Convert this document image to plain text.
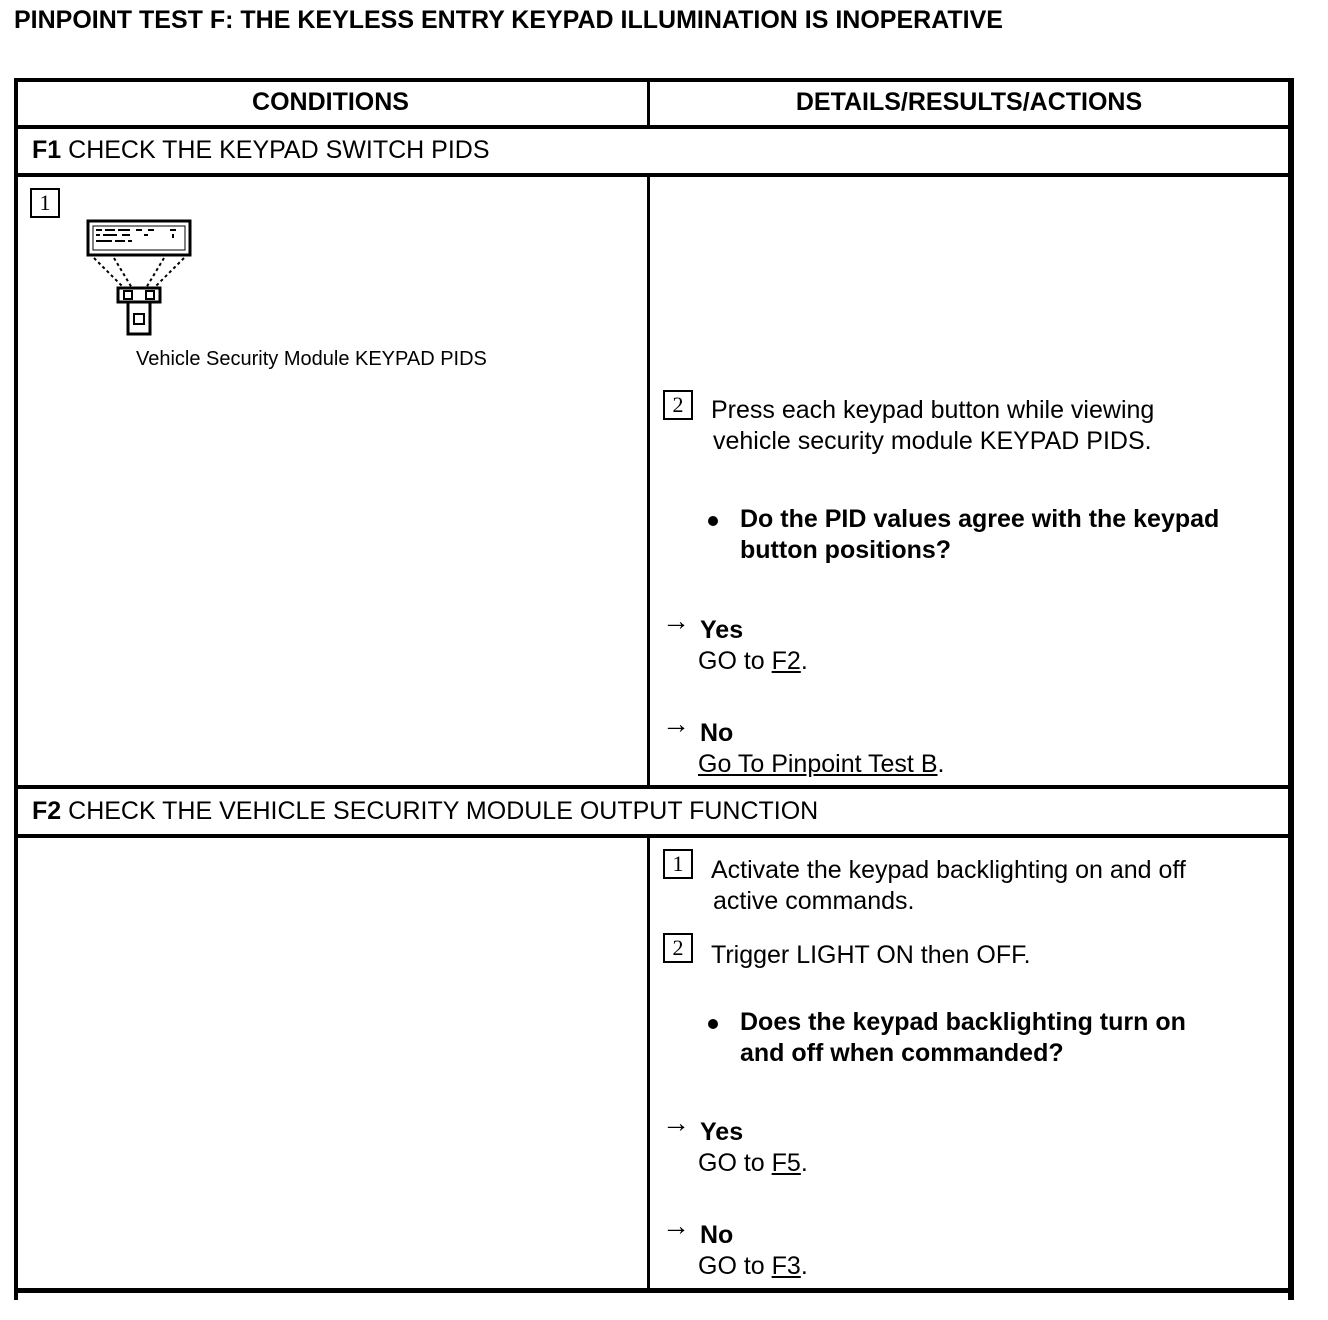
PINPOINT TEST F: THE KEYLESS ENTRY KEYPAD ILLUMINATION IS INOPERATIVE
CONDITIONS	DETAILS/RESULTS/ACTIONS
F1 CHECK THE KEYPAD SWITCH PIDS
1
Vehicle Security Module KEYPAD PIDS
2	Press each keypad button while viewing
vehicle security module KEYPAD PIDS.
Do the PID values agree with the keypad
button positions?
→ Yes
GO to F2.
→ No
Go To Pinpoint Test B.
F2 CHECK THE VEHICLE SECURITY MODULE OUTPUT FUNCTION
1	Activate the keypad backlighting on and off
active commands.
2	Trigger LIGHT ON then OFF.
Does the keypad backlighting turn on
and off when commanded?
→ Yes
GO to F5.
→ No
GO to F3.
